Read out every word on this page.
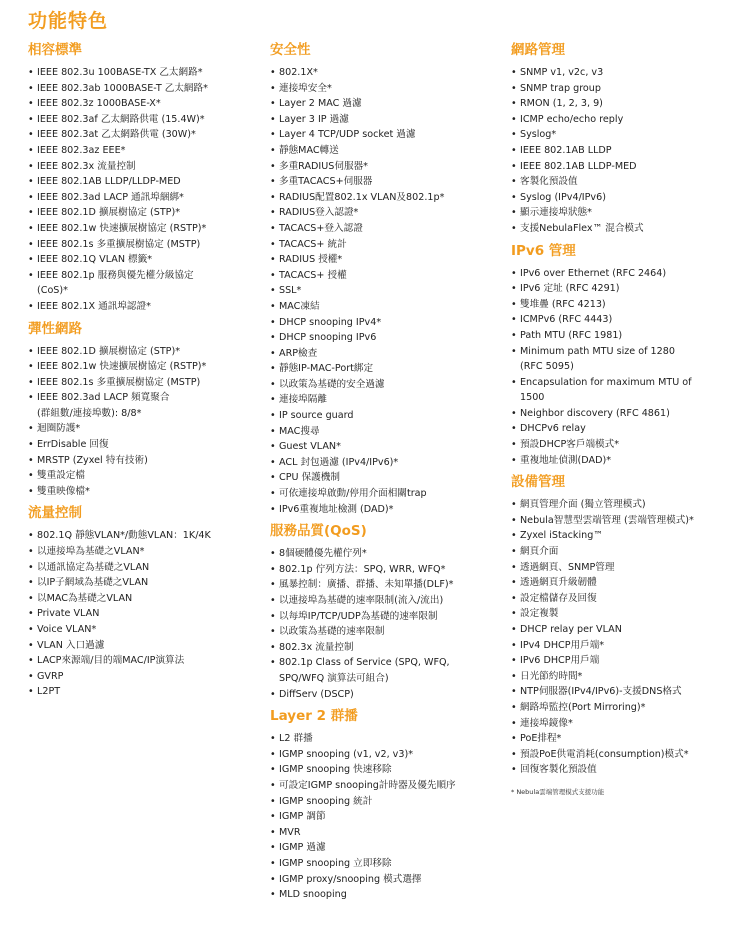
功能特色
相容標準
• IEEE 802.3u 100BASE-TX 乙太網路*
• IEEE 802.3ab 1000BASE-T 乙太網路*
• IEEE 802.3z 1000BASE-X*
• IEEE 802.3af 乙太網路供電 (15.4W)*
• IEEE 802.3at 乙太網路供電 (30W)*
• IEEE 802.3az EEE*
• IEEE 802.3x 流量控制
• IEEE 802.1AB LLDP/LLDP-MED
• IEEE 802.3ad LACP 通訊埠綑綁*
• IEEE 802.1D 擴展樹協定 (STP)*
• IEEE 802.1w 快速擴展樹協定 (RSTP)*
• IEEE 802.1s 多重擴展樹協定 (MSTP)
• IEEE 802.1Q VLAN 標籤*
• IEEE 802.1p 服務與優先權分級協定
(CoS)*
• IEEE 802.1X 通訊埠認證*
彈性網路
• IEEE 802.1D 擴展樹協定 (STP)*
• IEEE 802.1w 快速擴展樹協定 (RSTP)*
• IEEE 802.1s 多重擴展樹協定 (MSTP)
• IEEE 802.3ad LACP 頻寬聚合
(群組數/連接埠數): 8/8*
• 迴圈防護*
• ErrDisable 回復
• MRSTP (Zyxel 特有技術)
• 雙重設定檔
• 雙重映像檔*
流量控制
• 802.1Q 靜態VLAN*/動態VLAN：1K/4K
• 以連接埠為基礎之VLAN*
• 以通訊協定為基礎之VLAN
• 以IP子網域為基礎之VLAN
• 以MAC為基礎之VLAN
• Private VLAN
• Voice VLAN*
• VLAN 入口過濾
• LACP來源端/目的端MAC/IP演算法
• GVRP
• L2PT
安全性
• 802.1X*
• 連接埠安全*
• Layer 2 MAC 過濾
• Layer 3 IP 過濾
• Layer 4 TCP/UDP socket 過濾
• 靜態MAC轉送
• 多重RADIUS伺服器*
• 多重TACACS+伺服器
• RADIUS配置802.1x VLAN及802.1p*
• RADIUS登入認證*
• TACACS+登入認證
• TACACS+ 統計
• RADIUS 授權*
• TACACS+ 授權
• SSL*
• MAC凍結
• DHCP snooping IPv4*
• DHCP snooping IPv6
• ARP檢查
• 靜態IP-MAC-Port綁定
• 以政策為基礎的安全過濾
• 連接埠隔離
• IP source guard
• MAC搜尋
• Guest VLAN*
• ACL 封包過濾 (IPv4/IPv6)*
• CPU 保護機制
• 可依連接埠啟動/停用介面相關trap
• IPv6重複地址檢測 (DAD)*
服務品質(QoS)
• 8個硬體優先權佇列*
• 802.1p 佇列方法：SPQ, WRR, WFQ*
• 風暴控制：廣播、群播、未知單播(DLF)*
• 以連接埠為基礎的速率限制(流入/流出)
• 以每埠IP/TCP/UDP為基礎的速率限制
• 以政策為基礎的速率限制
• 802.3x 流量控制
• 802.1p Class of Service (SPQ, WFQ,
SPQ/WFQ 演算法可組合)
• DiffServ (DSCP)
Layer 2 群播
• L2 群播
• IGMP snooping (v1, v2, v3)*
• IGMP snooping 快速移除
• 可設定IGMP snooping計時器及優先順序
• IGMP snooping 統計
• IGMP 調節
• MVR
• IGMP 過濾
• IGMP snooping 立即移除
• IGMP proxy/snooping 模式選擇
• MLD snooping
網路管理
• SNMP v1, v2c, v3
• SNMP trap group
• RMON (1, 2, 3, 9)
• ICMP echo/echo reply
• Syslog*
• IEEE 802.1AB LLDP
• IEEE 802.1AB LLDP-MED
• 客製化預設值
• Syslog (IPv4/IPv6)
• 顯示連接埠狀態*
• 支援NebulaFlex™ 混合模式
IPv6 管理
• IPv6 over Ethernet (RFC 2464)
• IPv6 定址 (RFC 4291)
• 雙堆疊 (RFC 4213)
• ICMPv6 (RFC 4443)
• Path MTU (RFC 1981)
• Minimum path MTU size of 1280
(RFC 5095)
• Encapsulation for maximum MTU of
1500
• Neighbor discovery (RFC 4861)
• DHCPv6 relay
• 預設DHCP客戶端模式*
• 重複地址偵測(DAD)*
設備管理
• 網頁管理介面 (獨立管理模式)
• Nebula智慧型雲端管理 (雲端管理模式)*
• Zyxel iStacking™
• 網頁介面
• 透過網頁、SNMP管理
• 透過網頁升級韌體
• 設定檔儲存及回復
• 設定複製
• DHCP relay per VLAN
• IPv4 DHCP用戶端*
• IPv6 DHCP用戶端
• 日光節約時間*
• NTP伺服器(IPv4/IPv6)-支援DNS格式
• 網路埠監控(Port Mirroring)*
• 連接埠鏡像*
• PoE排程*
• 預設PoE供電消耗(consumption)模式*
• 回復客製化預設值
* Nebula雲端管理模式支援功能
